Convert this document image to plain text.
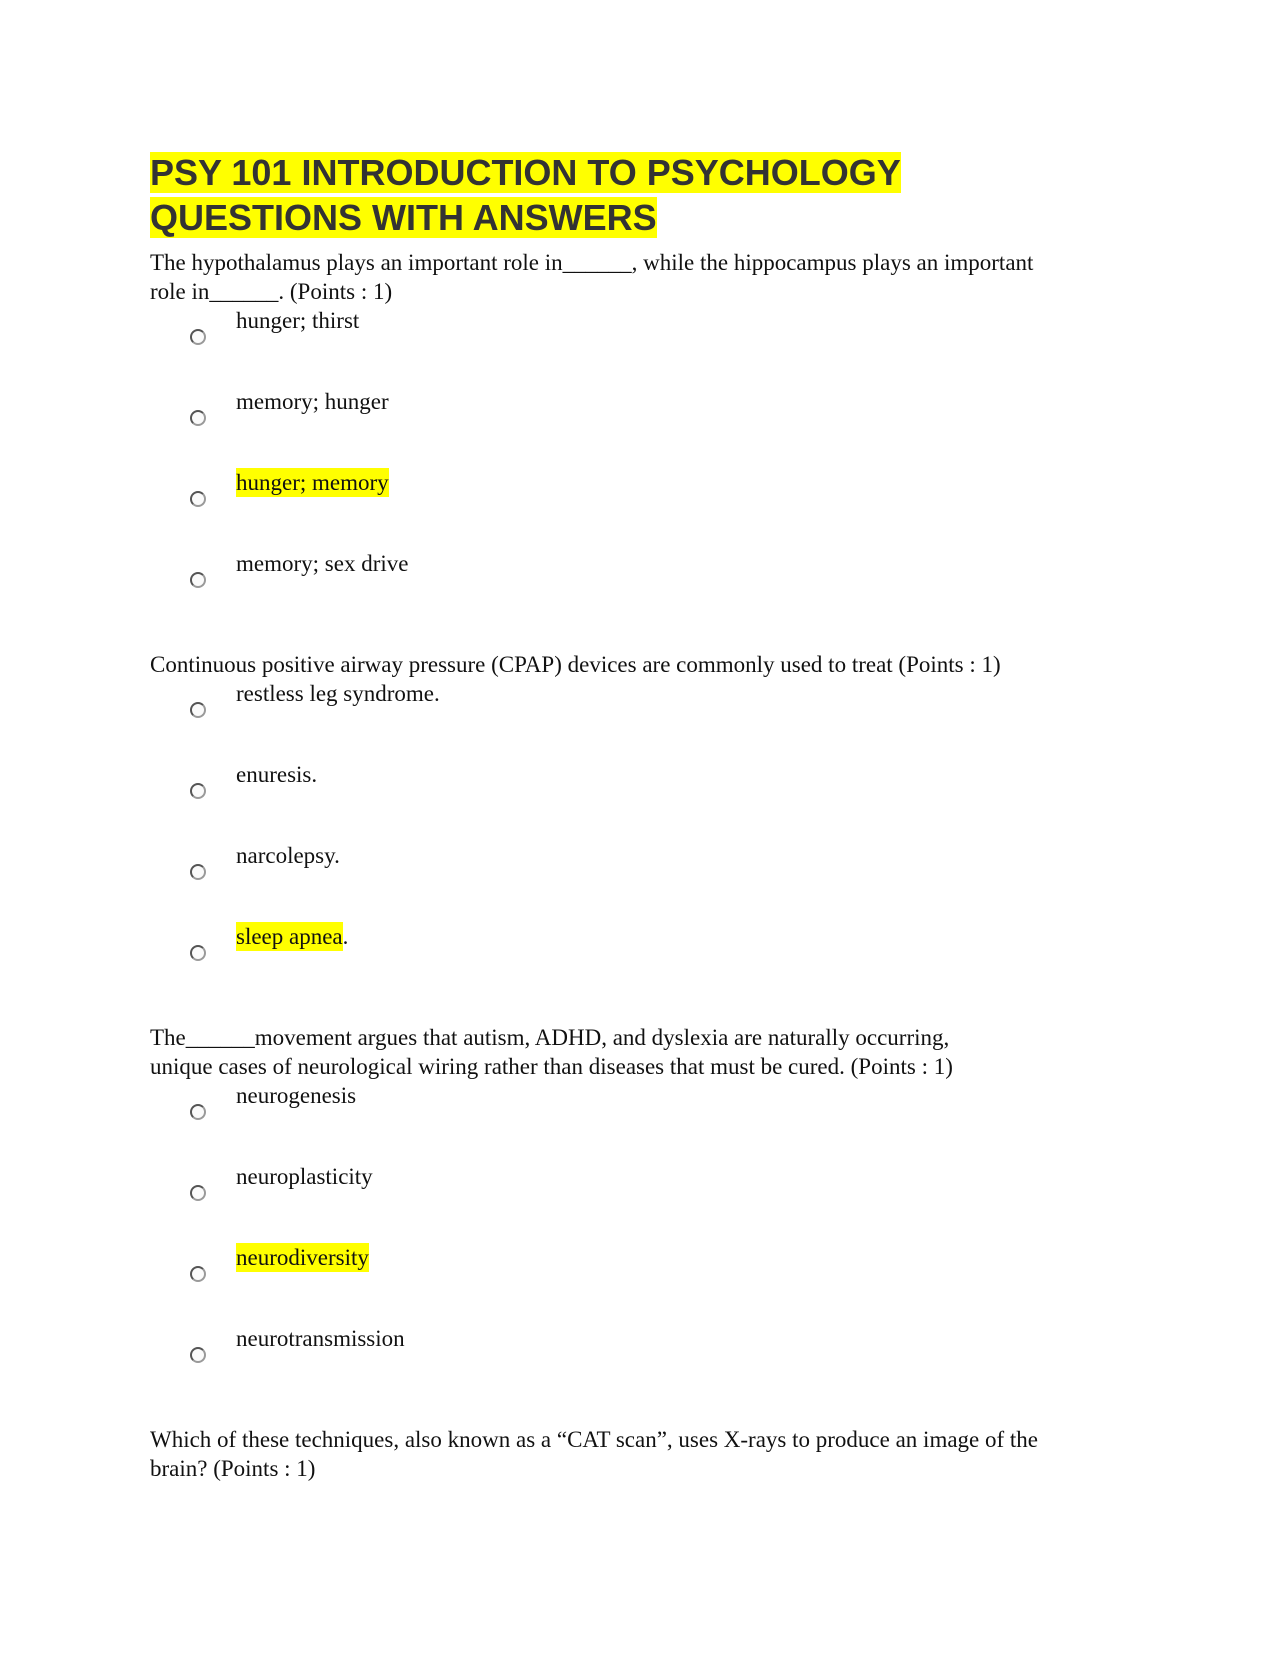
PSY 101 INTRODUCTION TO PSYCHOLOGY
QUESTIONS WITH ANSWERS

The hypothalamus plays an important role in______, while the hippocampus plays an important
role in______. (Points : 1)

hunger; thirst
memory; hunger
hunger; memory
memory; sex drive

Continuous positive airway pressure (CPAP) devices are commonly used to treat (Points : 1)

restless leg syndrome.
enuresis.
narcolepsy.
sleep apnea.

The______movement argues that autism, ADHD, and dyslexia are naturally occurring,
unique cases of neurological wiring rather than diseases that must be cured. (Points : 1)

neurogenesis
neuroplasticity
neurodiversity
neurotransmission

Which of these techniques, also known as a “CAT scan”, uses X-rays to produce an image of the
brain? (Points : 1)
